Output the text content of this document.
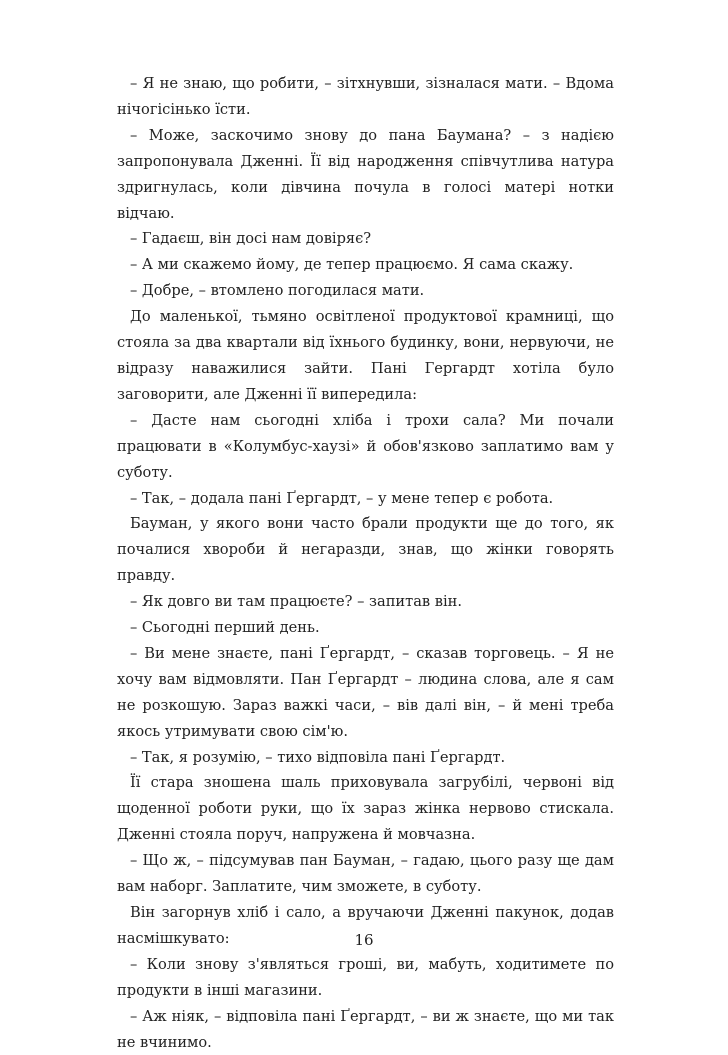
– Я не знаю, що робити, – зітхнувши, зізналася мати. – Вдома нічогісінько їсти.

– Може, заскочимо знову до пана Баумана? – з надією запропонувала Дженні. Її від народження співчутлива натура здригнулась, коли дівчина почула в голосі матері нотки відчаю.

– Гадаєш, він досі нам довіряє?

– А ми скажемо йому, де тепер працюємо. Я сама скажу.

– Добре, – втомлено погодилася мати.

До маленької, тьмяно освітленої продуктової крамниці, що стояла за два квартали від їхнього будинку, вони, нервуючи, не відразу наважилися зайти. Пані Гергардт хотіла було заговорити, але Дженні її випередила:

– Дасте нам сьогодні хліба і трохи сала? Ми почали працювати в «Колумбус-хаузі» й обов'язково заплатимо вам у суботу.

– Так, – додала пані Ґергардт, – у мене тепер є робота.

Бауман, у якого вони часто брали продукти ще до того, як почалися хвороби й негаразди, знав, що жінки говорять правду.

– Як довго ви там працюєте? – запитав він.

– Сьогодні перший день.

– Ви мене знаєте, пані Ґергардт, – сказав торговець. – Я не хочу вам відмовляти. Пан Ґергардт – людина слова, але я сам не розкошую. Зараз важкі часи, – вів далі він, – й мені треба якось утримувати свою сім'ю.

– Так, я розумію, – тихо відповіла пані Ґергардт.

Її стара зношена шаль приховувала загрубілі, червоні від щоденної роботи руки, що їх зараз жінка нервово стискала. Дженні стояла поруч, напружена й мовчазна.

– Що ж, – підсумував пан Бауман, – гадаю, цього разу ще дам вам наборг. Заплатите, чим зможете, в суботу.

Він загорнув хліб і сало, а вручаючи Дженні пакунок, додав насмішкувато:

– Коли знову з'являться гроші, ви, мабуть, ходитимете по продукти в інші магазини.

– Аж ніяк, – відповіла пані Ґергардт, – ви ж знаєте, що ми так не вчинимо.

16
